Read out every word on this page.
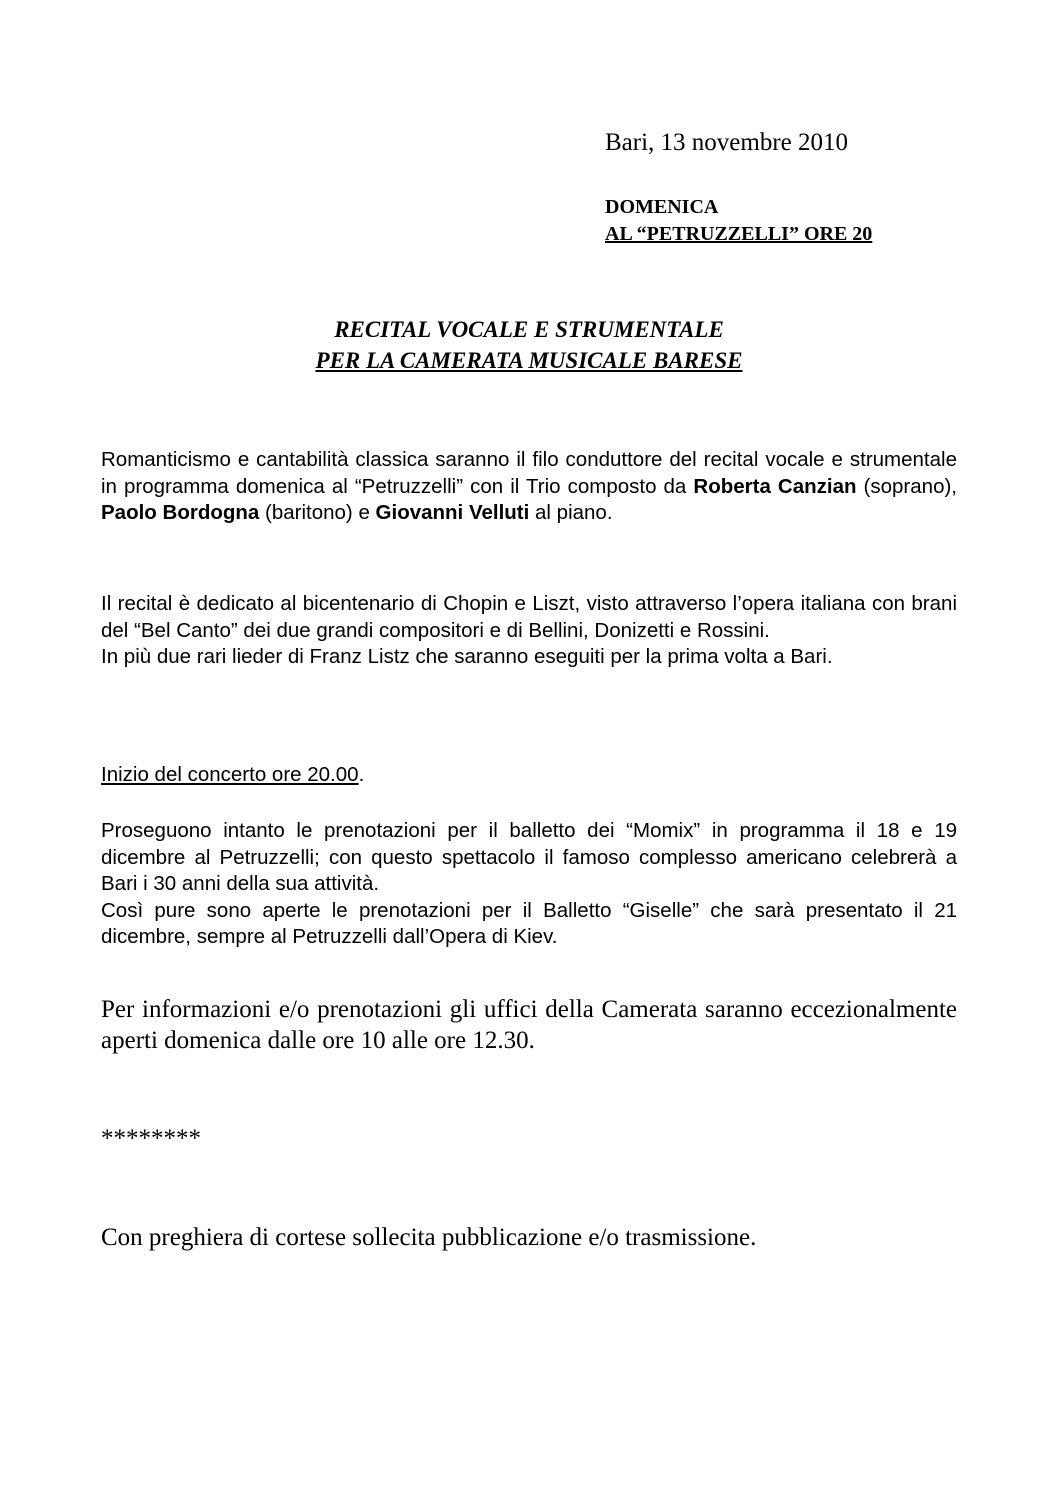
Bari, 13 novembre 2010
DOMENICA
AL “PETRUZZELLI” ORE 20
RECITAL VOCALE E STRUMENTALE
PER LA CAMERATA MUSICALE BARESE

Romanticismo e cantabilità classica saranno il filo conduttore del recital vocale e strumentale in programma domenica al “Petruzzelli” con il Trio composto da Roberta Canzian (soprano), Paolo Bordogna (baritono) e Giovanni Velluti al piano.

Il recital è dedicato al bicentenario di Chopin e Liszt, visto attraverso l’opera italiana con brani del “Bel Canto” dei due grandi compositori e di Bellini, Donizetti e Rossini.

In più due rari lieder di Franz Listz che saranno eseguiti per la prima volta a Bari.

Inizio del concerto ore 20.00.

Proseguono intanto le prenotazioni per il balletto dei “Momix” in programma il 18 e 19 dicembre al Petruzzelli; con questo spettacolo il famoso complesso americano celebrerà a Bari i 30 anni della sua attività.

Così pure sono aperte le prenotazioni per il Balletto “Giselle” che sarà presentato il 21 dicembre, sempre al Petruzzelli dall’Opera di Kiev.

Per informazioni e/o prenotazioni gli uffici della Camerata saranno eccezionalmente aperti domenica dalle ore 10 alle ore 12.30.
********
Con preghiera di cortese sollecita pubblicazione e/o trasmissione.
